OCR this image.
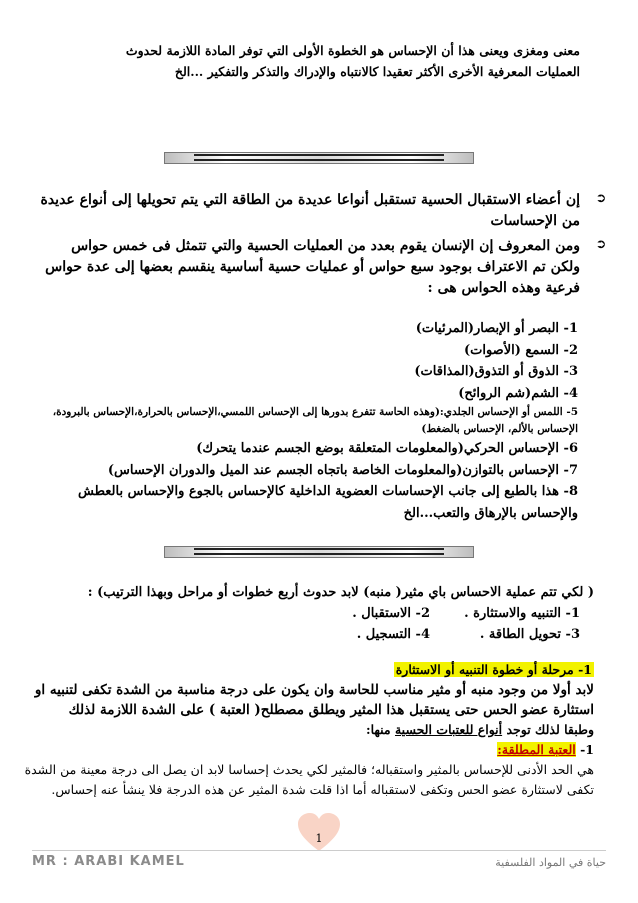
معنى ومغزى ويعنى هذا أن الإحساس هو الخطوة الأولى التي توفر المادة اللازمة لحدوث
العمليات المعرفية الأخرى الأكثر تعقيدا كالانتباه والإدراك والتذكر والتفكير ...الخ
➲
إن أعضاء الاستقبال الحسية تستقبل أنواعا عديدة من الطاقة التي يتم تحويلها إلى أنواع عديدة من الإحساسات
➲
ومن المعروف إن الإنسان يقوم بعدد من العمليات الحسية والتي تتمثل فى خمس حواس ولكن تم الاعتراف بوجود سبع حواس أو عمليات حسية أساسية ينقسم بعضها إلى عدة حواس فرعية وهذه الحواس هى :
1- البصر أو الإبصار(المرئيات)
2- السمع (الأصوات)
3- الذوق أو التذوق(المذاقات)
4- الشم(شم الروائح)
5- اللمس أو الإحساس الجلدي:(وهذه الحاسة تتفرع بدورها إلى الإحساس اللمسي،الإحساس بالحرارة،الإحساس بالبرودة، الإحساس بالألم، الإحساس بالضغط)
6- الإحساس الحركي(والمعلومات المتعلقة بوضع الجسم عندما يتحرك)
7- الإحساس بالتوازن(والمعلومات الخاصة باتجاه الجسم عند الميل والدوران الإحساس)
8- هذا بالطبع إلى جانب الإحساسات العضوية الداخلية كالإحساس بالجوع والإحساس بالعطش والإحساس بالإرهاق والتعب...الخ
( لكي تتم عملية الاحساس باي مثير( منبه) لابد حدوث أربع خطوات أو مراحل وبهذا الترتيب) :
1- التنبيه والاستثارة .
2- الاستقبال .
3- تحويل الطاقة .
4- التسجيل .
1- مرحلة أو خطوة التنبيه أو الاستثارة
لابد أولا من وجود منبه أو مثير مناسب للحاسة وان يكون على درجة مناسبة من الشدة تكفى لتنبيه او استثارة عضو الحس حتى يستقبل هذا المثير ويطلق مصطلح( العتبة ) على الشدة اللازمة لذلك
وطبقا لذلك توجد أنواع للعتبات الحسية منها:
1- العتبة المطلقة:
هي الحد الأدنى للإحساس بالمثير واستقباله؛ فالمثير لكي يحدث إحساسا لابد ان يصل الى درجة معينة من الشدة تكفى لاستثارة عضو الحس وتكفى لاستقباله أما اذا قلت شدة المثير عن هذه الدرجة فلا ينشأ عنه إحساس.
1
MR : ARABI KAMEL	حياة في المواد الفلسفية
